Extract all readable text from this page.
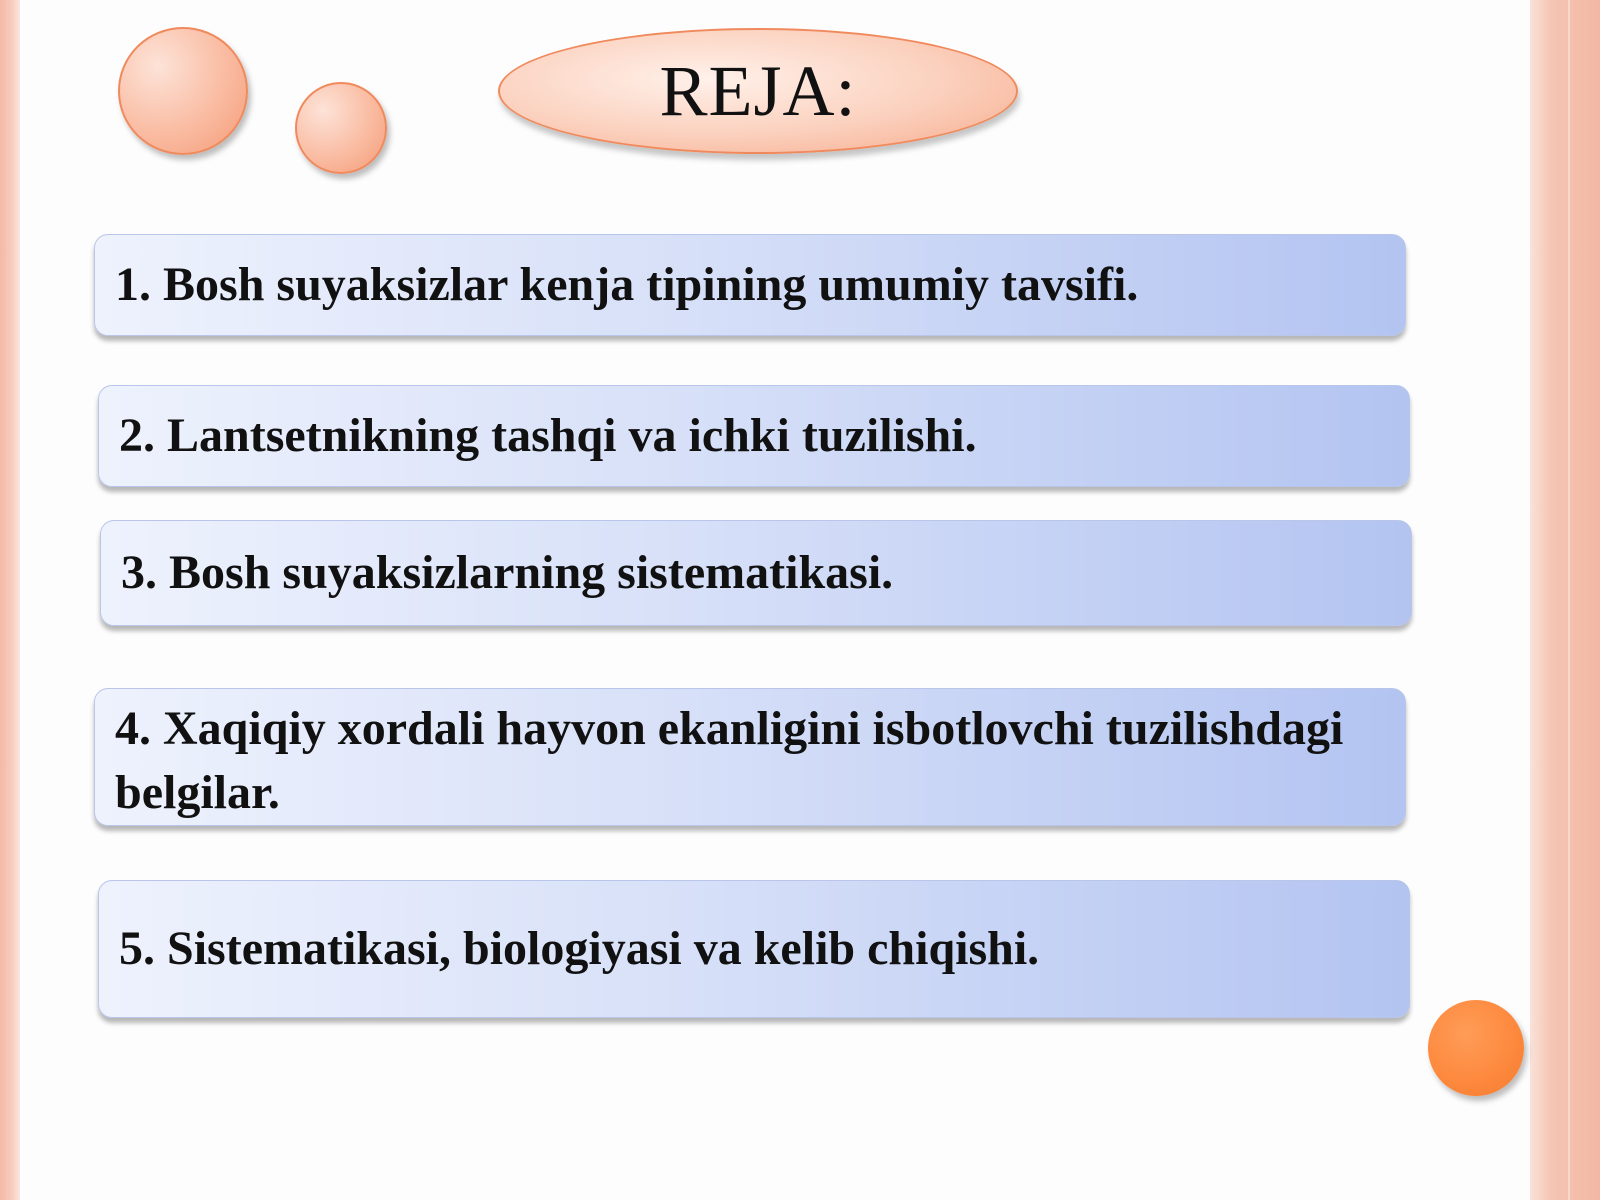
REJA:
1. Bosh suyaksizlar kenja tipining umumiy tavsifi.
2. Lantsetnikning tashqi va ichki tuzilishi.
3. Bosh suyaksizlarning sistematikasi.
4. Xaqiqiy xordali hayvon ekanligini isbotlovchi tuzilishdagi belgilar.
5. Sistematikasi, biologiyasi va kelib chiqishi.
